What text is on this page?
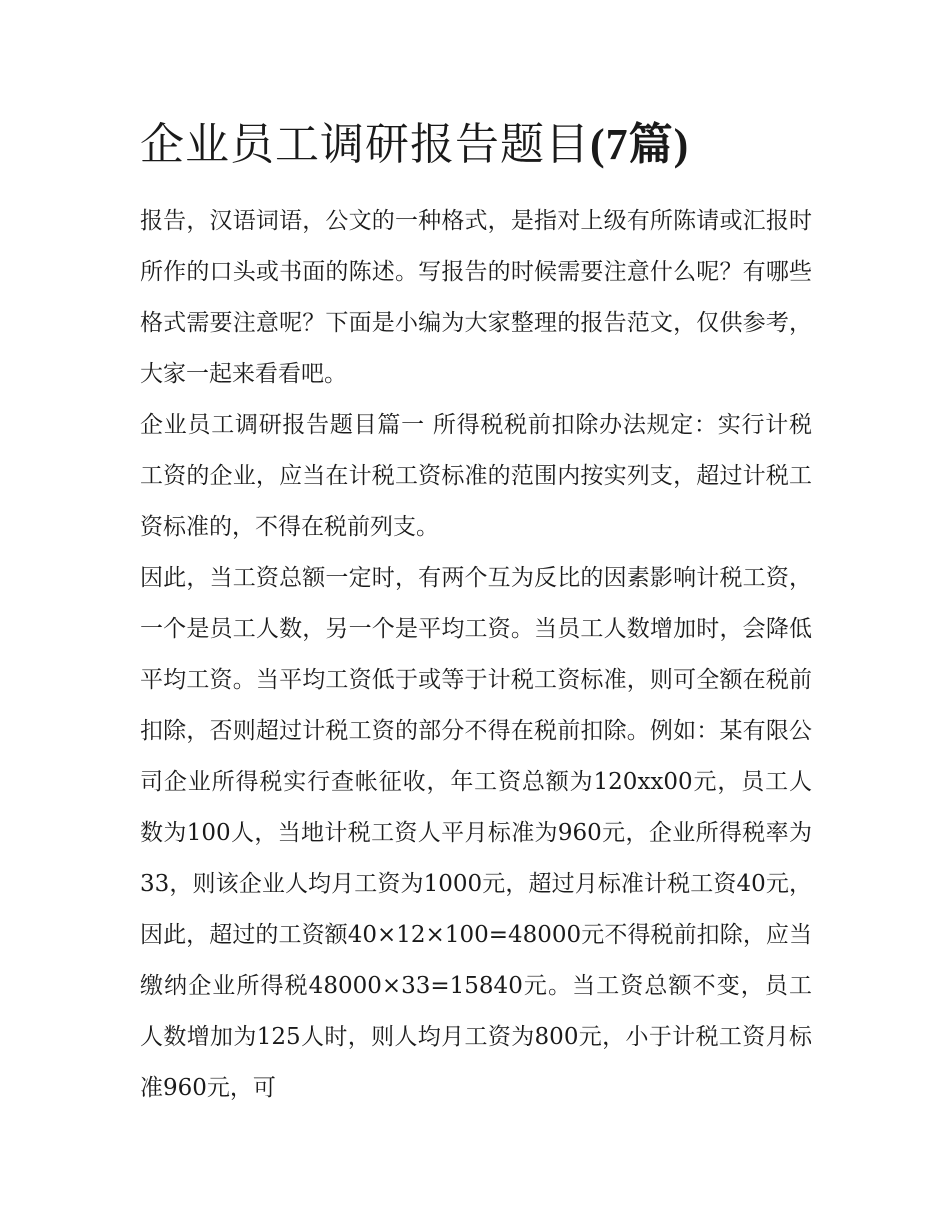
企业员工调研报告题目(7篇)

报告，汉语词语，公文的一种格式，是指对上级有所陈请或汇报时所作的口头或书面的陈述。写报告的时候需要注意什么呢？有哪些格式需要注意呢？下面是小编为大家整理的报告范文，仅供参考，大家一起来看看吧。

企业员工调研报告题目篇一 所得税税前扣除办法规定：实行计税工资的企业，应当在计税工资标准的范围内按实列支，超过计税工资标准的，不得在税前列支。

因此，当工资总额一定时，有两个互为反比的因素影响计税工资，一个是员工人数，另一个是平均工资。当员工人数增加时，会降低平均工资。当平均工资低于或等于计税工资标准，则可全额在税前扣除，否则超过计税工资的部分不得在税前扣除。例如：某有限公司企业所得税实行查帐征收，年工资总额为120xx00元，员工人数为100人，当地计税工资人平月标准为960元，企业所得税率为33，则该企业人均月工资为1000元，超过月标准计税工资40元，因此，超过的工资额40×12×100=48000元不得税前扣除，应当缴纳企业所得税48000×33=15840元。当工资总额不变，员工人数增加为125人时，则人均月工资为800元，小于计税工资月标准960元，可
